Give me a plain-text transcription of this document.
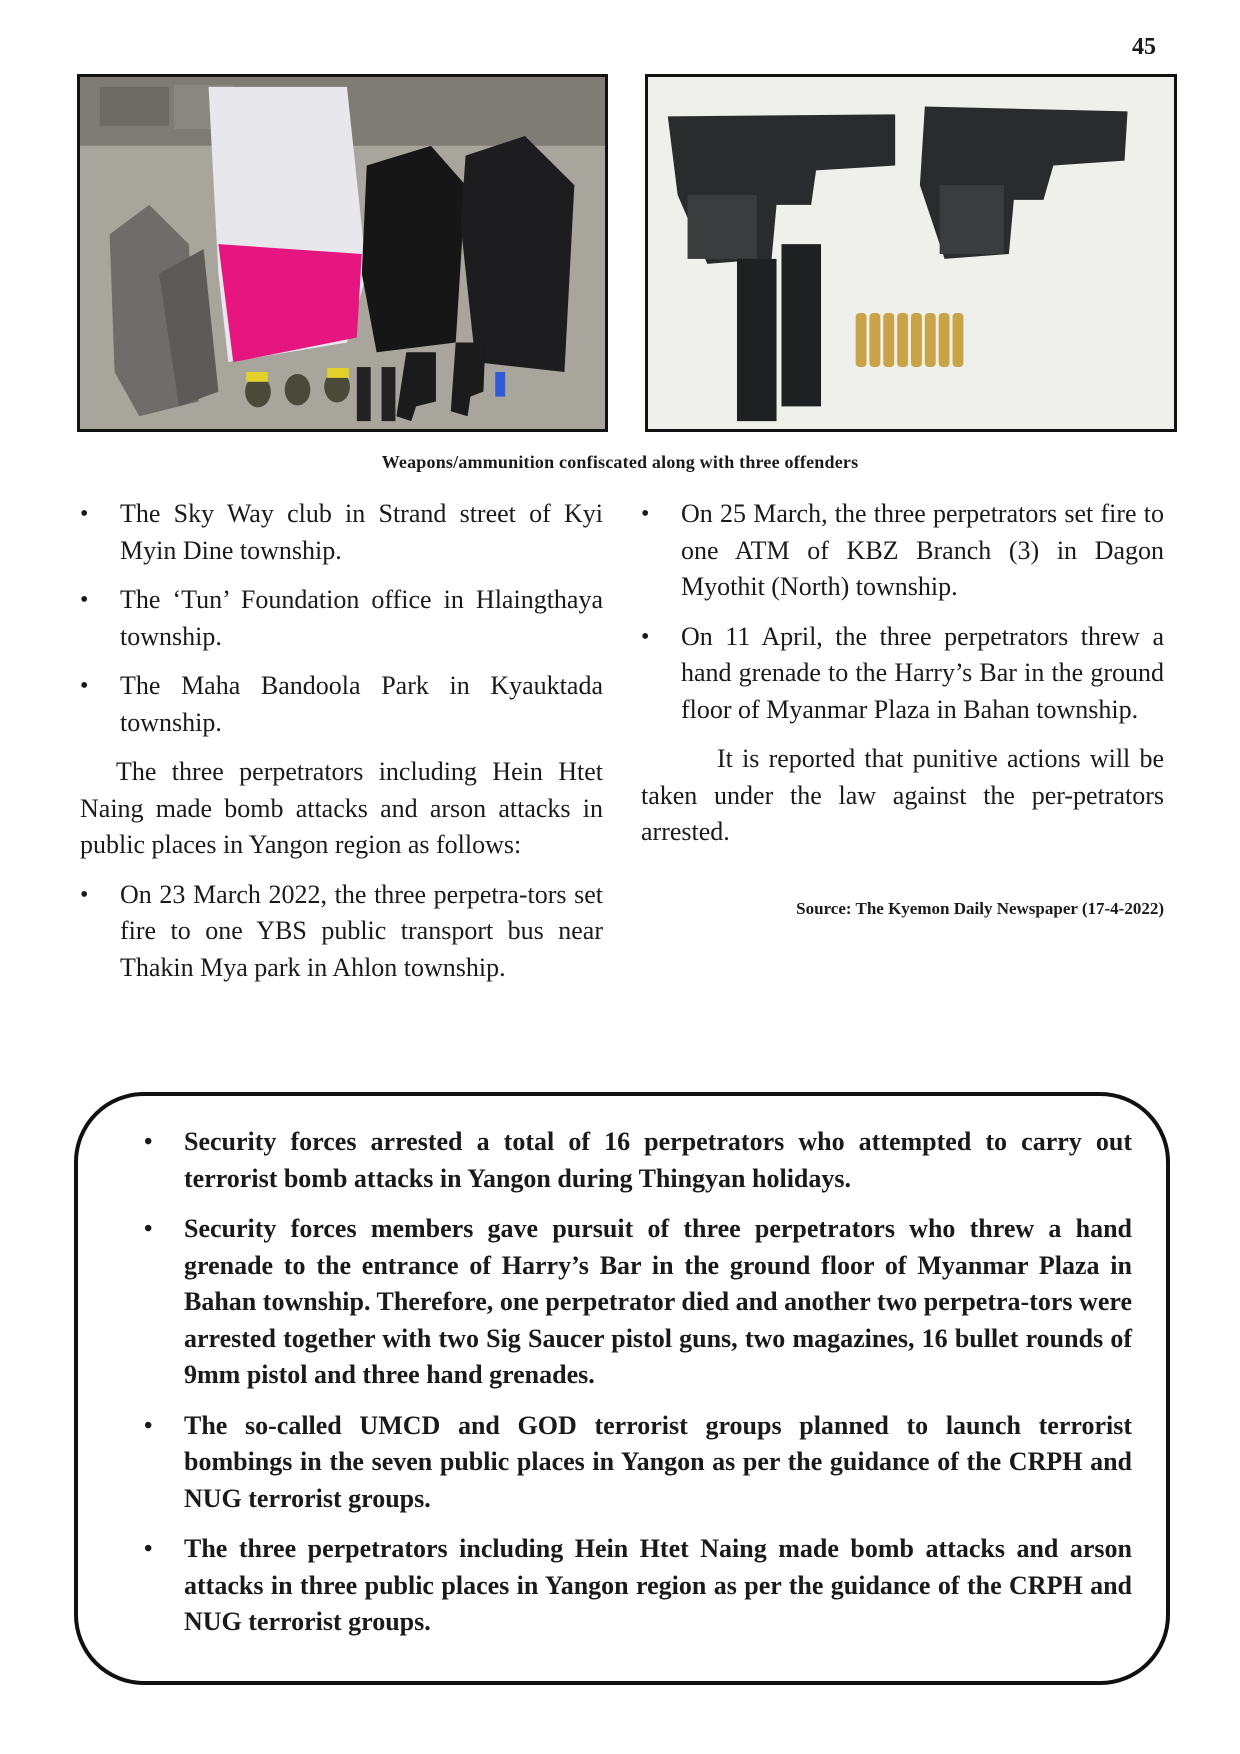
45
Weapons/ammunition confiscated along with three offenders
• The Sky Way club in Strand street of Kyi Myin Dine township.
• The ‘Tun’ Foundation office in Hlaingthaya township.
• The Maha Bandoola Park in Kyauktada township.

The three perpetrators including Hein Htet Naing made bomb attacks and arson attacks in public places in Yangon region as follows:

• On 23 March 2022, the three perpetra-tors set fire to one YBS public transport bus near Thakin Mya park in Ahlon township.
• On 25 March, the three perpetrators set fire to one ATM of KBZ Branch (3) in Dagon Myothit (North) township.
• On 11 April, the three perpetrators threw a hand grenade to the Harry’s Bar in the ground floor of Myanmar Plaza in Bahan township.

It is reported that punitive actions will be taken under the law against the per-petrators arrested.

Source: The Kyemon Daily Newspaper (17-4-2022)
• Security forces arrested a total of 16 perpetrators who attempted to carry out terrorist bomb attacks in Yangon during Thingyan holidays.
• Security forces members gave pursuit of three perpetrators who threw a hand grenade to the entrance of Harry’s Bar in the ground floor of Myanmar Plaza in Bahan township. Therefore, one perpetrator died and another two perpetra-tors were arrested together with two Sig Saucer pistol guns, two magazines, 16 bullet rounds of 9mm pistol and three hand grenades.
• The so-called UMCD and GOD terrorist groups planned to launch terrorist bombings in the seven public places in Yangon as per the guidance of the CRPH and NUG terrorist groups.
• The three perpetrators including Hein Htet Naing made bomb attacks and arson attacks in three public places in Yangon region as per the guidance of the CRPH and NUG terrorist groups.
